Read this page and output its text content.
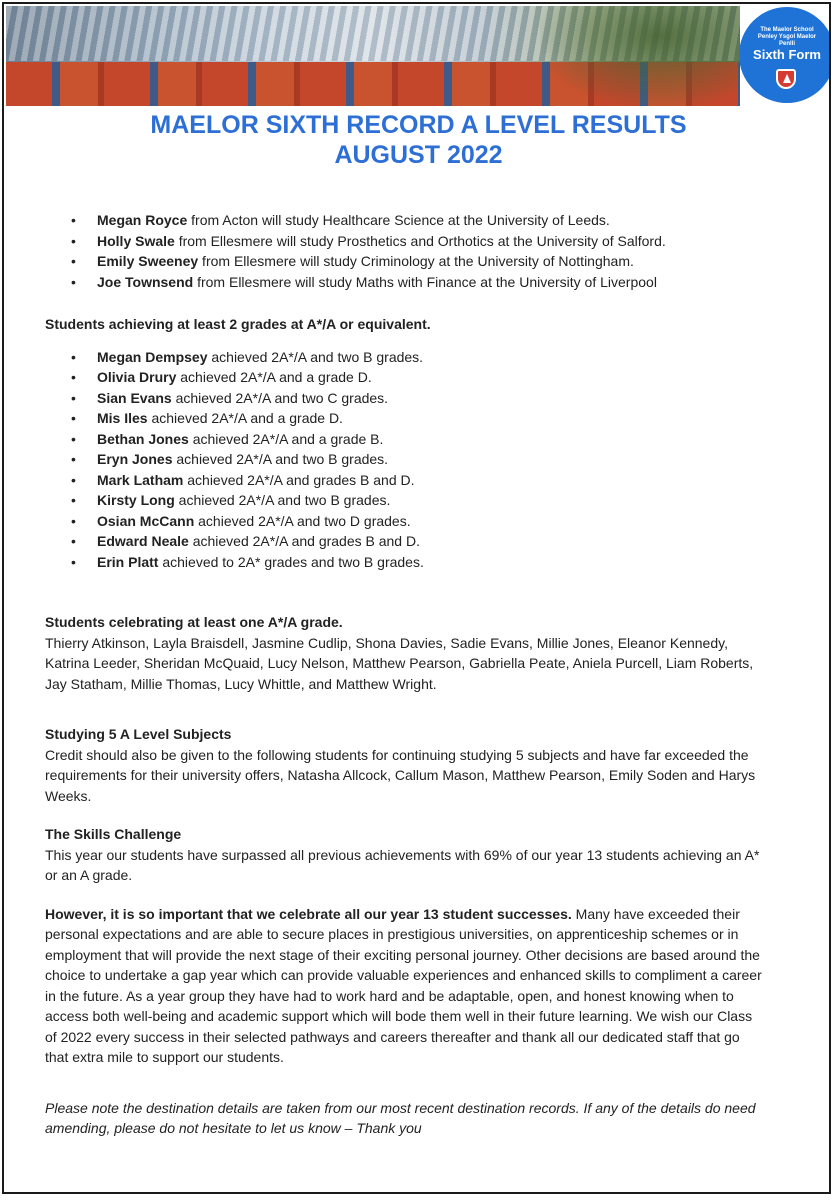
The Maelor School Penley Ysgol Maelor Penlli
Sixth Form
MAELOR SIXTH RECORD A LEVEL RESULTS
AUGUST 2022
• Megan Royce from Acton will study Healthcare Science at the University of Leeds.
• Holly Swale from Ellesmere will study Prosthetics and Orthotics at the University of Salford.
• Emily Sweeney from Ellesmere will study Criminology at the University of Nottingham.
• Joe Townsend from Ellesmere will study Maths with Finance at the University of Liverpool

Students achieving at least 2 grades at A*/A or equivalent.

• Megan Dempsey achieved 2A*/A and two B grades.
• Olivia Drury achieved 2A*/A and a grade D.
• Sian Evans achieved 2A*/A and two C grades.
• Mis Iles achieved 2A*/A and a grade D.
• Bethan Jones achieved 2A*/A and a grade B.
• Eryn Jones achieved 2A*/A and two B grades.
• Mark Latham achieved 2A*/A and grades B and D.
• Kirsty Long achieved 2A*/A and two B grades.
• Osian McCann achieved 2A*/A and two D grades.
• Edward Neale achieved 2A*/A and grades B and D.
• Erin Platt achieved to 2A* grades and two B grades.

Students celebrating at least one A*/A grade.

Thierry Atkinson, Layla Braisdell, Jasmine Cudlip, Shona Davies, Sadie Evans, Millie Jones, Eleanor Kennedy, Katrina Leeder, Sheridan McQuaid, Lucy Nelson, Matthew Pearson, Gabriella Peate, Aniela Purcell, Liam Roberts, Jay Statham, Millie Thomas, Lucy Whittle, and Matthew Wright.

Studying 5 A Level Subjects

Credit should also be given to the following students for continuing studying 5 subjects and have far exceeded the requirements for their university offers, Natasha Allcock, Callum Mason, Matthew Pearson, Emily Soden and Harys Weeks.

The Skills Challenge

This year our students have surpassed all previous achievements with 69% of our year 13 students achieving an A* or an A grade.

However, it is so important that we celebrate all our year 13 student successes. Many have exceeded their personal expectations and are able to secure places in prestigious universities, on apprenticeship schemes or in employment that will provide the next stage of their exciting personal journey. Other decisions are based around the choice to undertake a gap year which can provide valuable experiences and enhanced skills to compliment a career in the future. As a year group they have had to work hard and be adaptable, open, and honest knowing when to access both well-being and academic support which will bode them well in their future learning. We wish our Class of 2022 every success in their selected pathways and careers thereafter and thank all our dedicated staff that go that extra mile to support our students.

Please note the destination details are taken from our most recent destination records. If any of the details do need amending, please do not hesitate to let us know – Thank you
